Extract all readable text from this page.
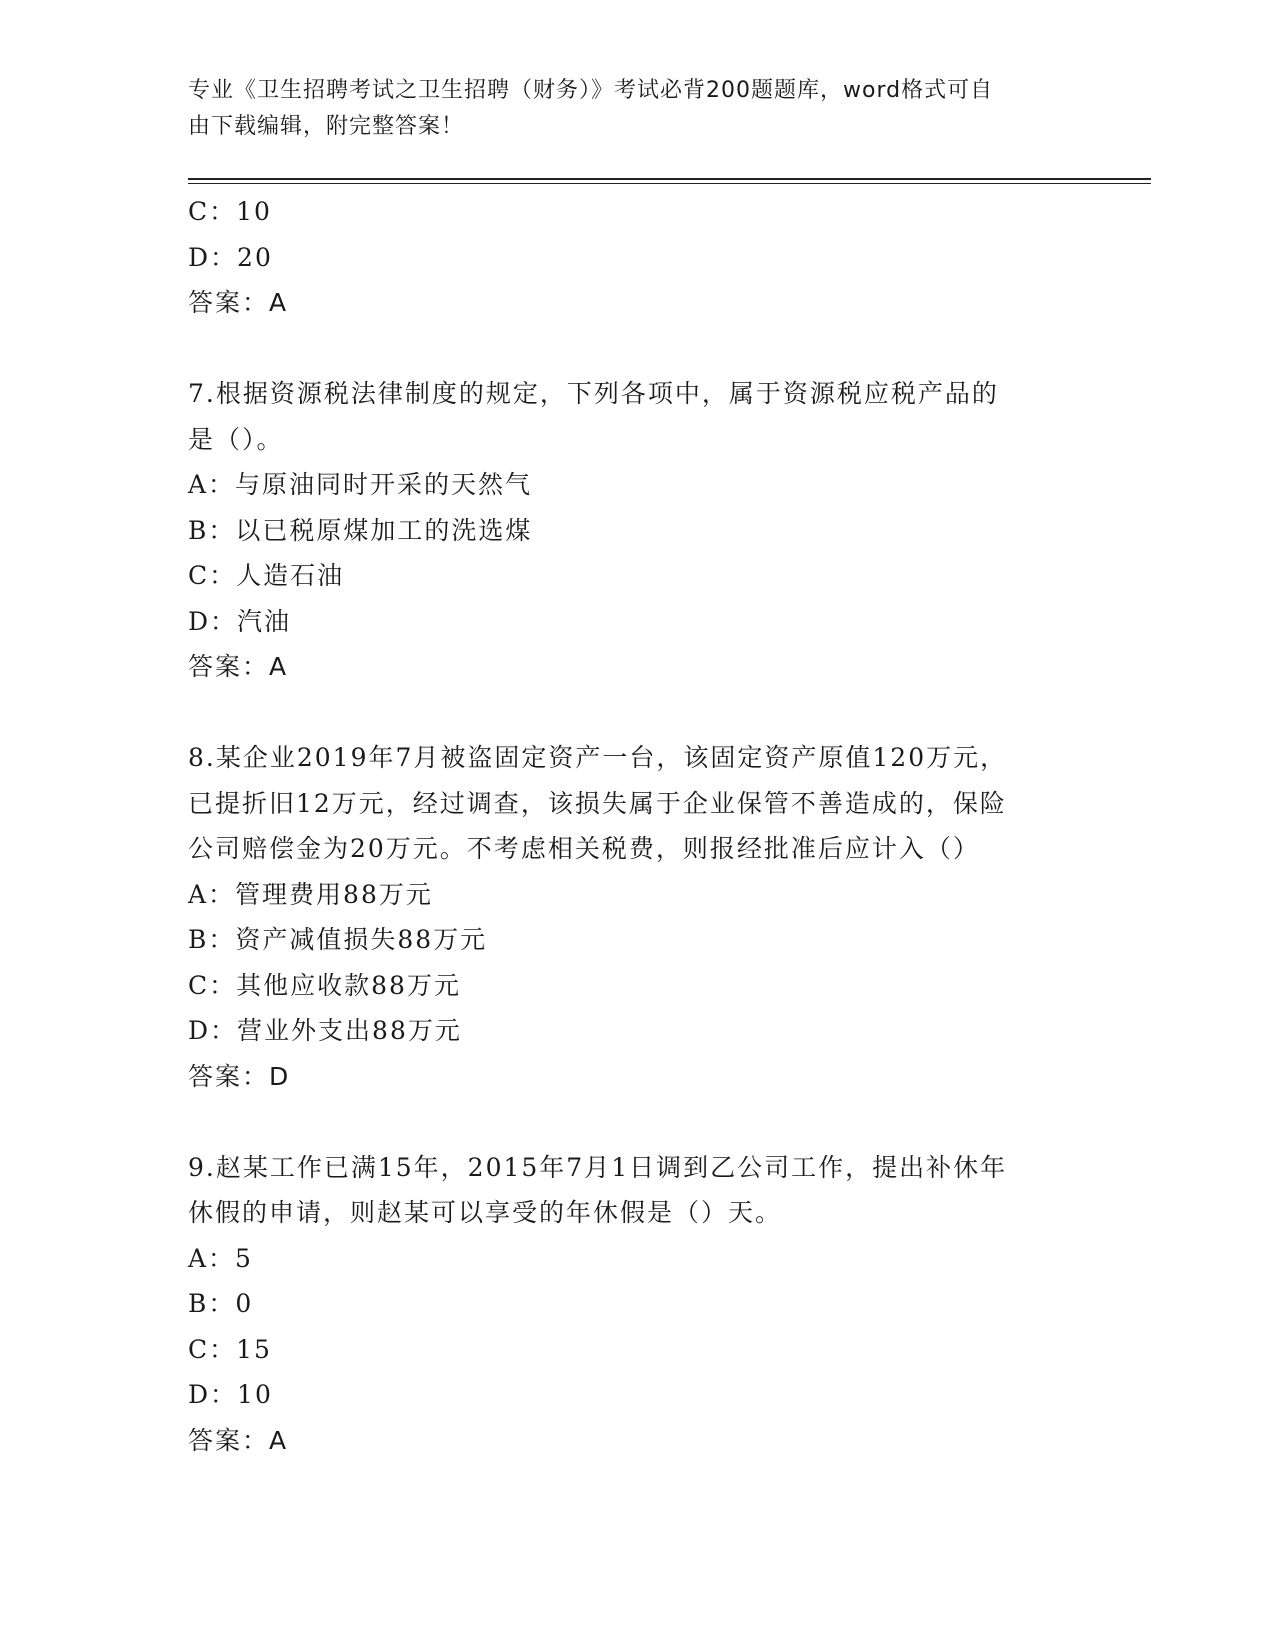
专业《卫生招聘考试之卫生招聘（财务）》考试必背200题题库，word格式可自
由下载编辑，附完整答案！
C：10
D：20
答案：A
7.根据资源税法律制度的规定，下列各项中，属于资源税应税产品的
是（）。
A：与原油同时开采的天然气
B：以已税原煤加工的洗选煤
C：人造石油
D：汽油
答案：A
8.某企业2019年7月被盗固定资产一台，该固定资产原值120万元，
已提折旧12万元，经过调查，该损失属于企业保管不善造成的，保险
公司赔偿金为20万元。不考虑相关税费，则报经批准后应计入（）
A：管理费用88万元
B：资产减值损失88万元
C：其他应收款88万元
D：营业外支出88万元
答案：D
9.赵某工作已满15年，2015年7月1日调到乙公司工作，提出补休年
休假的申请，则赵某可以享受的年休假是（）天。
A：5
B：0
C：15
D：10
答案：A
